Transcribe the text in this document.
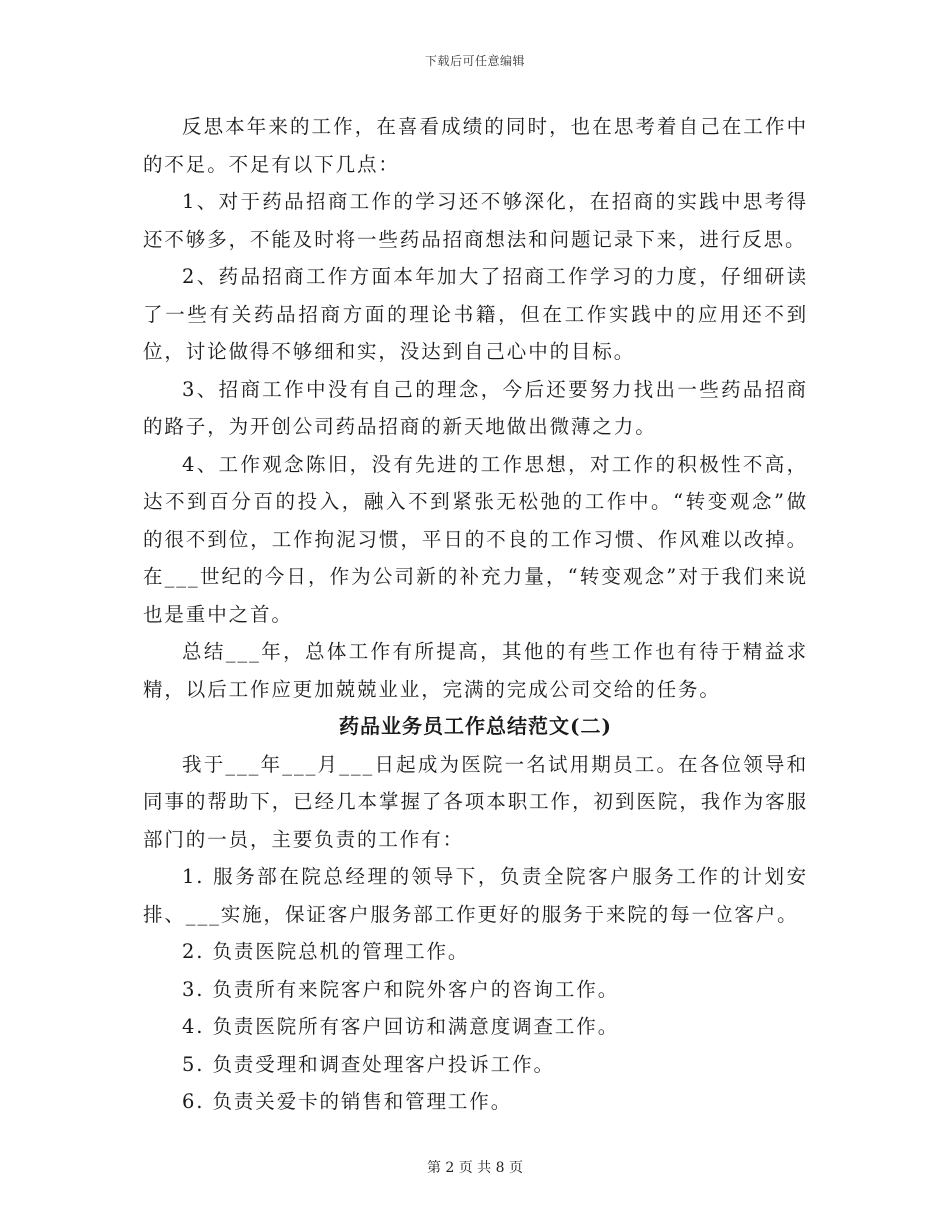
下载后可任意编辑

反思本年来的工作，在喜看成绩的同时，也在思考着自己在工作中的不足。不足有以下几点：

1、对于药品招商工作的学习还不够深化，在招商的实践中思考得还不够多，不能及时将一些药品招商想法和问题记录下来，进行反思。

2、药品招商工作方面本年加大了招商工作学习的力度，仔细研读了一些有关药品招商方面的理论书籍，但在工作实践中的应用还不到位，讨论做得不够细和实，没达到自己心中的目标。

3、招商工作中没有自己的理念，今后还要努力找出一些药品招商的路子，为开创公司药品招商的新天地做出微薄之力。

4、工作观念陈旧，没有先进的工作思想，对工作的积极性不高，达不到百分百的投入，融入不到紧张无松弛的工作中。“转变观念”做的很不到位，工作拘泥习惯，平日的不良的工作习惯、作风难以改掉。在___世纪的今日，作为公司新的补充力量，“转变观念”对于我们来说也是重中之首。

总结___年，总体工作有所提高，其他的有些工作也有待于精益求精，以后工作应更加兢兢业业，完满的完成公司交给的任务。

药品业务员工作总结范文(二)

我于___年___月___日起成为医院一名试用期员工。在各位领导和同事的帮助下，已经几本掌握了各项本职工作，初到医院，我作为客服部门的一员，主要负责的工作有：

1. 服务部在院总经理的领导下，负责全院客户服务工作的计划安排、___实施，保证客户服务部工作更好的服务于来院的每一位客户。

2. 负责医院总机的管理工作。

3. 负责所有来院客户和院外客户的咨询工作。

4. 负责医院所有客户回访和满意度调查工作。

5. 负责受理和调查处理客户投诉工作。

6. 负责关爱卡的销售和管理工作。

第 2 页 共 8 页
